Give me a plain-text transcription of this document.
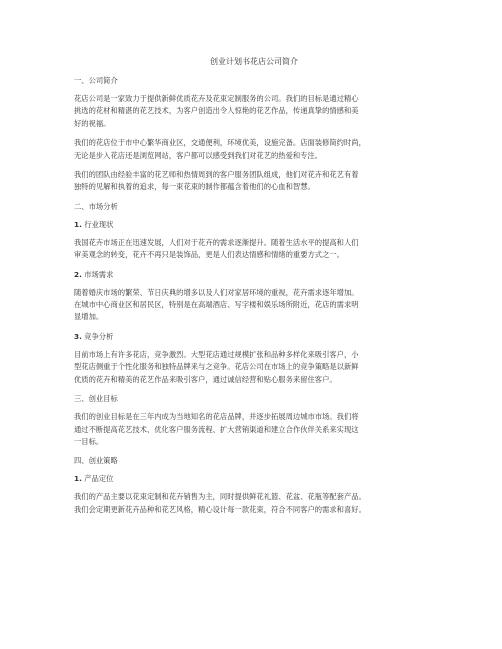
创业计划书花店公司简介
一、公司简介
花店公司是一家致力于提供新鲜优质花卉及花束定制服务的公司。我们的目标是通过精心
挑选的花材和精湛的花艺技术，为客户创造出令人惊艳的花艺作品，传递真挚的情感和美
好的祝福。
我们的花店位于市中心繁华商业区，交通便利，环境优美，设施完备。店面装修简约时尚，
无论是步入花店还是浏览网站，客户都可以感受到我们对花艺的热爱和专注。
我们的团队由经验丰富的花艺师和热情周到的客户服务团队组成，他们对花卉和花艺有着
独特的见解和执着的追求，每一束花束的制作都蕴含着他们的心血和智慧。
二、市场分析
1. 行业现状
我国花卉市场正在迅速发展，人们对于花卉的需求逐渐提升。随着生活水平的提高和人们
审美观念的转变，花卉不再只是装饰品，更是人们表达情感和情绪的重要方式之一。
2. 市场需求
随着婚庆市场的繁荣、节日庆典的增多以及人们对家居环境的重视，花卉需求逐年增加。
在城市中心商业区和居民区，特别是在高端酒店、写字楼和娱乐场所附近，花店的需求明
显增加。
3. 竞争分析
目前市场上有许多花店，竞争激烈。大型花店通过规模扩张和品种多样化来吸引客户，小
型花店侧重于个性化服务和独特品牌来与之竞争。花店公司在市场上的竞争策略是以新鲜
优质的花卉和精美的花艺作品来吸引客户，通过诚信经营和贴心服务来留住客户。
三、创业目标
我们的创业目标是在三年内成为当地知名的花店品牌，并逐步拓展周边城市市场。我们将
通过不断提高花艺技术、优化客户服务流程、扩大营销渠道和建立合作伙伴关系来实现这
一目标。
四、创业策略
1. 产品定位
我们的产品主要以花束定制和花卉销售为主，同时提供鲜花礼篮、花盆、花瓶等配套产品。
我们会定期更新花卉品种和花艺风格，精心设计每一款花束，符合不同客户的需求和喜好。
